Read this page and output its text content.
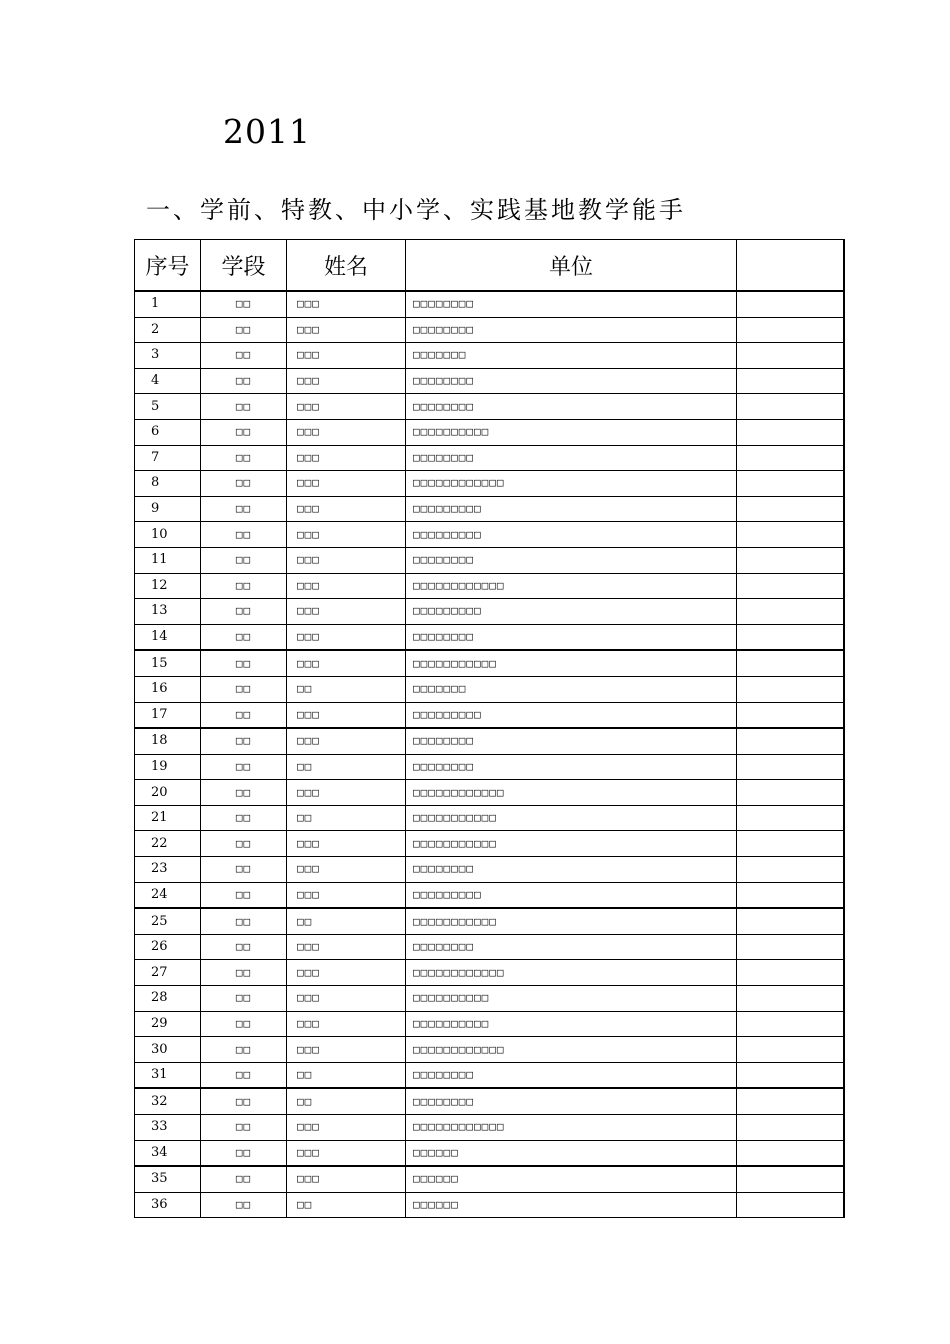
2011
一、学前、特教、中小学、实践基地教学能手
序号	学段	姓名	单位	
1	□□	□□□	□□□□□□□□	
2	□□	□□□	□□□□□□□□	
3	□□	□□□	□□□□□□□	
4	□□	□□□	□□□□□□□□	
5	□□	□□□	□□□□□□□□	
6	□□	□□□	□□□□□□□□□□	
7	□□	□□□	□□□□□□□□	
8	□□	□□□	□□□□□□□□□□□□	
9	□□	□□□	□□□□□□□□□	
10	□□	□□□	□□□□□□□□□	
11	□□	□□□	□□□□□□□□	
12	□□	□□□	□□□□□□□□□□□□	
13	□□	□□□	□□□□□□□□□	
14	□□	□□□	□□□□□□□□	
15	□□	□□□	□□□□□□□□□□□	
16	□□	□□	□□□□□□□	
17	□□	□□□	□□□□□□□□□	
18	□□	□□□	□□□□□□□□	
19	□□	□□	□□□□□□□□	
20	□□	□□□	□□□□□□□□□□□□	
21	□□	□□	□□□□□□□□□□□	
22	□□	□□□	□□□□□□□□□□□	
23	□□	□□□	□□□□□□□□	
24	□□	□□□	□□□□□□□□□	
25	□□	□□	□□□□□□□□□□□	
26	□□	□□□	□□□□□□□□	
27	□□	□□□	□□□□□□□□□□□□	
28	□□	□□□	□□□□□□□□□□	
29	□□	□□□	□□□□□□□□□□	
30	□□	□□□	□□□□□□□□□□□□	
31	□□	□□	□□□□□□□□	
32	□□	□□	□□□□□□□□	
33	□□	□□□	□□□□□□□□□□□□	
34	□□	□□□	□□□□□□	
35	□□	□□□	□□□□□□	
36	□□	□□	□□□□□□	
